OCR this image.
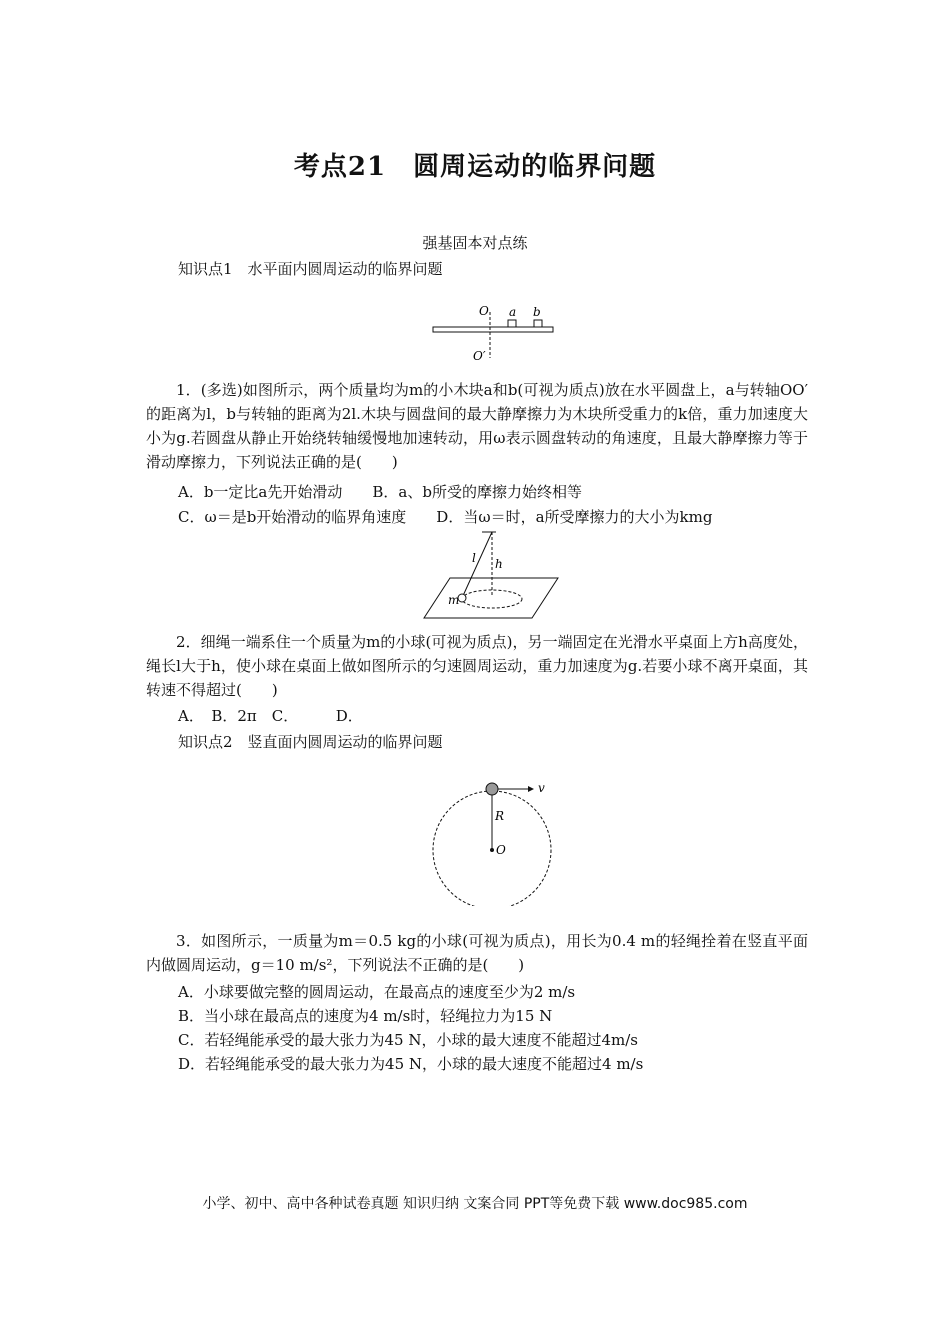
考点21　圆周运动的临界问题
强基固本对点练
知识点1　水平面内圆周运动的临界问题
O a b
O′

1．(多选)如图所示，两个质量均为m的小木块a和b(可视为质点)放在水平圆盘上，a与转轴OO′的距离为l，b与转轴的距离为2l.木块与圆盘间的最大静摩擦力为木块所受重力的k倍，重力加速度大小为g.若圆盘从静止开始绕转轴缓慢地加速转动，用ω表示圆盘转动的角速度，且最大静摩擦力等于滑动摩擦力，下列说法正确的是(　　)

A．b一定比a先开始滑动　　B．a、b所受的摩擦力始终相等
C．ω＝是b开始滑动的临界角速度　　D．当ω＝时，a所受摩擦力的大小为kmg
l h
m

2．细绳一端系住一个质量为m的小球(可视为质点)，另一端固定在光滑水平桌面上方h高度处，绳长l大于h，使小球在桌面上做如图所示的匀速圆周运动，重力加速度为g.若要小球不离开桌面，其转速不得超过(　　)

A．　B．2π　C．　　　D．
知识点2　竖直面内圆周运动的临界问题
v
R
O

3．如图所示，一质量为m＝0.5 kg的小球(可视为质点)，用长为0.4 m的轻绳拴着在竖直平面内做圆周运动，g＝10 m/s²，下列说法不正确的是(　　)

A．小球要做完整的圆周运动，在最高点的速度至少为2 m/s
B．当小球在最高点的速度为4 m/s时，轻绳拉力为15 N
C．若轻绳能承受的最大张力为45 N，小球的最大速度不能超过4m/s
D．若轻绳能承受的最大张力为45 N，小球的最大速度不能超过4 m/s
小学、初中、高中各种试卷真题 知识归纳 文案合同 PPT等免费下载 www.doc985.com
